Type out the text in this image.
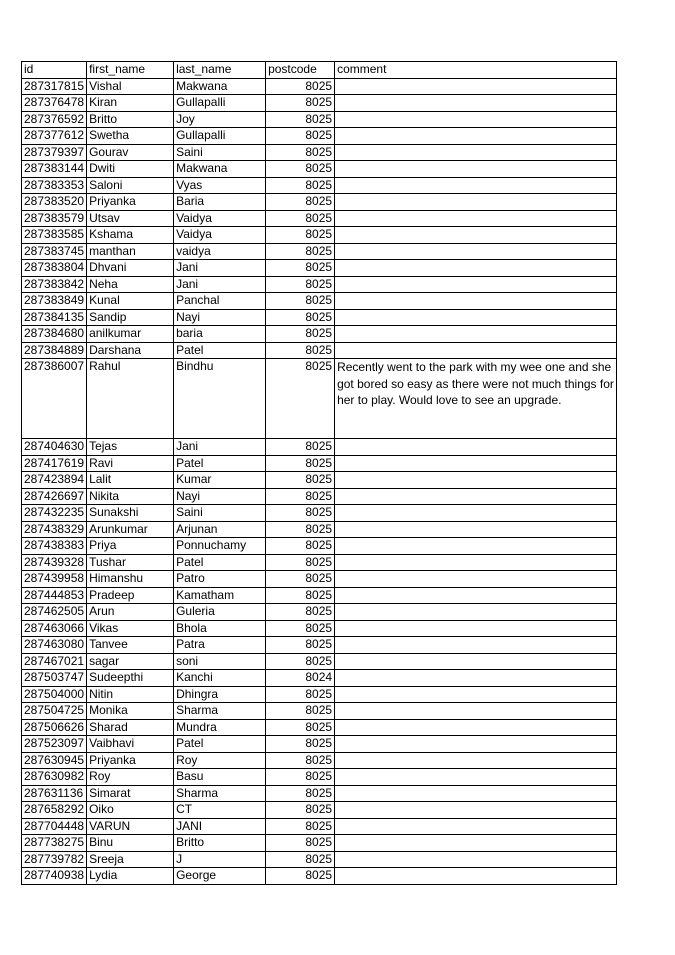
id	first_name	last_name	postcode	comment
287317815	Vishal	Makwana	8025	
287376478	Kiran	Gullapalli	8025	
287376592	Britto	Joy	8025	
287377612	Swetha	Gullapalli	8025	
287379397	Gourav	Saini	8025	
287383144	Dwiti	Makwana	8025	
287383353	Saloni	Vyas	8025	
287383520	Priyanka	Baria	8025	
287383579	Utsav	Vaidya	8025	
287383585	Kshama	Vaidya	8025	
287383745	manthan	vaidya	8025	
287383804	Dhvani	Jani	8025	
287383842	Neha	Jani	8025	
287383849	Kunal	Panchal	8025	
287384135	Sandip	Nayi	8025	
287384680	anilkumar	baria	8025	
287384889	Darshana	Patel	8025	
287386007	Rahul	Bindhu	8025	Recently went to the park with my wee one and she got bored so easy as there were not much things for her to play. Would love to see an upgrade.
287404630	Tejas	Jani	8025	
287417619	Ravi	Patel	8025	
287423894	Lalit	Kumar	8025	
287426697	Nikita	Nayi	8025	
287432235	Sunakshi	Saini	8025	
287438329	Arunkumar	Arjunan	8025	
287438383	Priya	Ponnuchamy	8025	
287439328	Tushar	Patel	8025	
287439958	Himanshu	Patro	8025	
287444853	Pradeep	Kamatham	8025	
287462505	Arun	Guleria	8025	
287463066	Vikas	Bhola	8025	
287463080	Tanvee	Patra	8025	
287467021	sagar	soni	8025	
287503747	Sudeepthi	Kanchi	8024	
287504000	Nitin	Dhingra	8025	
287504725	Monika	Sharma	8025	
287506626	Sharad	Mundra	8025	
287523097	Vaibhavi	Patel	8025	
287630945	Priyanka	Roy	8025	
287630982	Roy	Basu	8025	
287631136	Simarat	Sharma	8025	
287658292	Oiko	CT	8025	
287704448	VARUN	JANI	8025	
287738275	Binu	Britto	8025	
287739782	Sreeja	J	8025	
287740938	Lydia	George	8025	
